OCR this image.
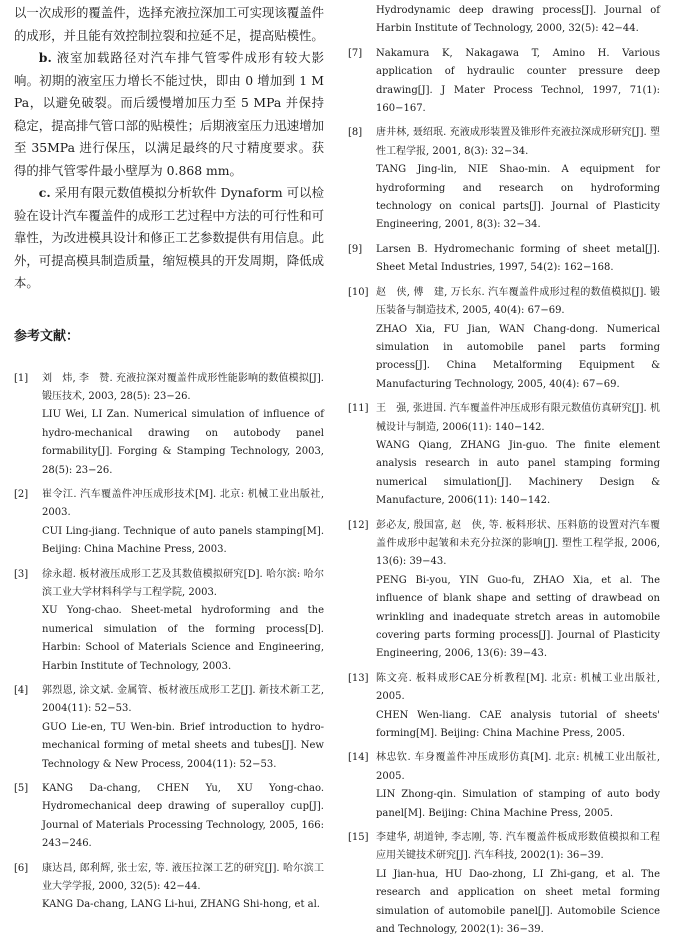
以一次成形的覆盖件，选择充液拉深加工可实现该覆盖件的成形，并且能有效控制拉裂和拉延不足，提高贴模性。

b. 液室加载路径对汽车排气管零件成形有较大影响。初期的液室压力增长不能过快，即由 0 增加到 1 MPa，以避免破裂。而后缓慢增加压力至 5 MPa 并保持稳定，提高排气管口部的贴模性；后期液室压力迅速增加至 35MPa 进行保压，以满足最终的尺寸精度要求。获得的排气管零件最小壁厚为 0.868 mm。

c. 采用有限元数值模拟分析软件 Dynaform 可以检验在设计汽车覆盖件的成形工艺过程中方法的可行性和可靠性，为改进模具设计和修正工艺参数提供有用信息。此外，可提高模具制造质量，缩短模具的开发周期，降低成本。

参考文献：
[1]	刘　炜, 李　赞. 充液拉深对覆盖件成形性能影响的数值模拟[J]. 锻压技术, 2003, 28(5): 23−26.
LIU Wei, LI Zan. Numerical simulation of influence of hydro-mechanical drawing on autobody panel formability[J]. Forging & Stamping Technology, 2003, 28(5): 23−26.
[2]	崔令江. 汽车覆盖件冲压成形技术[M]. 北京: 机械工业出版社, 2003.
CUI Ling-jiang. Technique of auto panels stamping[M]. Beijing: China Machine Press, 2003.
[3]	徐永超. 板材液压成形工艺及其数值模拟研究[D]. 哈尔滨: 哈尔滨工业大学材料科学与工程学院, 2003.
XU Yong-chao. Sheet-metal hydroforming and the numerical simulation of the forming process[D]. Harbin: School of Materials Science and Engineering, Harbin Institute of Technology, 2003.
[4]	郭烈恩, 涂文斌. 金属管、板材液压成形工艺[J]. 新技术新工艺, 2004(11): 52−53.
GUO Lie-en, TU Wen-bin. Brief introduction to hydro-mechanical forming of metal sheets and tubes[J]. New Technology & New Process, 2004(11): 52−53.
[5]	KANG Da-chang, CHEN Yu, XU Yong-chao. Hydromechanical deep drawing of superalloy cup[J]. Journal of Materials Processing Technology, 2005, 166: 243−246.
[6]	康达昌, 郎利辉, 张士宏, 等. 液压拉深工艺的研究[J]. 哈尔滨工业大学学报, 2000, 32(5): 42−44.
KANG Da-chang, LANG Li-hui, ZHANG Shi-hong, et al.
Hydrodynamic deep drawing process[J]. Journal of Harbin Institute of Technology, 2000, 32(5): 42−44.
[7]	Nakamura K, Nakagawa T, Amino H. Various application of hydraulic counter pressure deep drawing[J]. J Mater Process Technol, 1997, 71(1): 160−167.
[8]	唐井林, 聂绍珉. 充液成形装置及锥形件充液拉深成形研究[J]. 塑性工程学报, 2001, 8(3): 32−34.
TANG Jing-lin, NIE Shao-min. A equipment for hydroforming and research on hydroforming technology on conical parts[J]. Journal of Plasticity Engineering, 2001, 8(3): 32−34.
[9]	Larsen B. Hydromechanic forming of sheet metal[J]. Sheet Metal Industries, 1997, 54(2): 162−168.
[10] 赵　侠, 傅　建, 万长东. 汽车覆盖件成形过程的数值模拟[J]. 锻压装备与制造技术, 2005, 40(4): 67−69.
ZHAO Xia, FU Jian, WAN Chang-dong. Numerical simulation in automobile panel parts forming process[J]. China Metalforming Equipment & Manufacturing Technology, 2005, 40(4): 67−69.
[11] 王　强, 张进国. 汽车覆盖件冲压成形有限元数值仿真研究[J]. 机械设计与制造, 2006(11): 140−142.
WANG Qiang, ZHANG Jin-guo. The finite element analysis research in auto panel stamping forming numerical simulation[J]. Machinery Design & Manufacture, 2006(11): 140−142.
[12] 彭必友, 殷国富, 赵　侠, 等. 板料形状、压料筋的设置对汽车覆盖件成形中起皱和未充分拉深的影响[J]. 塑性工程学报, 2006, 13(6): 39−43.
PENG Bi-you, YIN Guo-fu, ZHAO Xia, et al. The influence of blank shape and setting of drawbead on wrinkling and inadequate stretch areas in automobile covering parts forming process[J]. Journal of Plasticity Engineering, 2006, 13(6): 39−43.
[13] 陈文亮. 板料成形CAE分析教程[M]. 北京: 机械工业出版社, 2005.
CHEN Wen-liang. CAE analysis tutorial of sheets' forming[M]. Beijing: China Machine Press, 2005.
[14] 林忠钦. 车身覆盖件冲压成形仿真[M]. 北京: 机械工业出版社, 2005.
LIN Zhong-qin. Simulation of stamping of auto body panel[M]. Beijing: China Machine Press, 2005.
[15] 李建华, 胡道钟, 李志刚, 等. 汽车覆盖件板成形数值模拟和工程应用关键技术研究[J]. 汽车科技, 2002(1): 36−39.
LI Jian-hua, HU Dao-zhong, LI Zhi-gang, et al. The research and application on sheet metal forming simulation of automobile panel[J]. Automobile Science and Technology, 2002(1): 36−39.
